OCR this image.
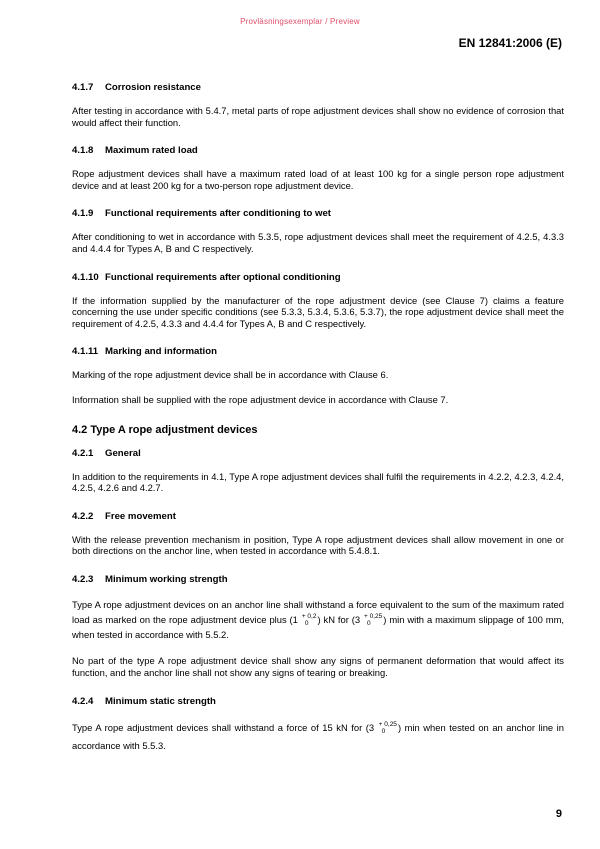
Provläsningsexemplar / Preview
EN 12841:2006 (E)
4.1.7 Corrosion resistance

After testing in accordance with 5.4.7, metal parts of rope adjustment devices shall show no evidence of corrosion that would affect their function.

4.1.8 Maximum rated load

Rope adjustment devices shall have a maximum rated load of at least 100 kg for a single person rope adjustment device and at least 200 kg for a two-person rope adjustment device.

4.1.9 Functional requirements after conditioning to wet

After conditioning to wet in accordance with 5.3.5, rope adjustment devices shall meet the requirement of 4.2.5, 4.3.3 and 4.4.4 for Types A, B and C respectively.

4.1.10 Functional requirements after optional conditioning

If the information supplied by the manufacturer of the rope adjustment device (see Clause 7) claims a feature concerning the use under specific conditions (see 5.3.3, 5.3.4, 5.3.6, 5.3.7), the rope adjustment device shall meet the requirement of 4.2.5, 4.3.3 and 4.4.4 for Types A, B and C respectively.

4.1.11 Marking and information

Marking of the rope adjustment device shall be in accordance with Clause 6.

Information shall be supplied with the rope adjustment device in accordance with Clause 7.

4.2 Type A rope adjustment devices
4.2.1 General

In addition to the requirements in 4.1, Type A rope adjustment devices shall fulfil the requirements in 4.2.2, 4.2.3, 4.2.4, 4.2.5, 4.2.6 and 4.2.7.

4.2.2 Free movement

With the release prevention mechanism in position, Type A rope adjustment devices shall allow movement in one or both directions on the anchor line, when tested in accordance with 5.4.8.1.

4.2.3 Minimum working strength

Type A rope adjustment devices on an anchor line shall withstand a force equivalent to the sum of the maximum rated load as marked on the rope adjustment device plus (1 + 0,2
0 ) kN for (3 + 0,25
0	) min with a maximum slippage of 100 mm, when tested in accordance with 5.5.2.

No part of the type A rope adjustment device shall show any signs of permanent deformation that would affect its function, and the anchor line shall not show any signs of tearing or breaking.

4.2.4 Minimum static strength

Type A rope adjustment devices shall withstand a force of 15 kN for (3 + 0,25
0	) min when tested on an anchor line in accordance with 5.5.3.

9
